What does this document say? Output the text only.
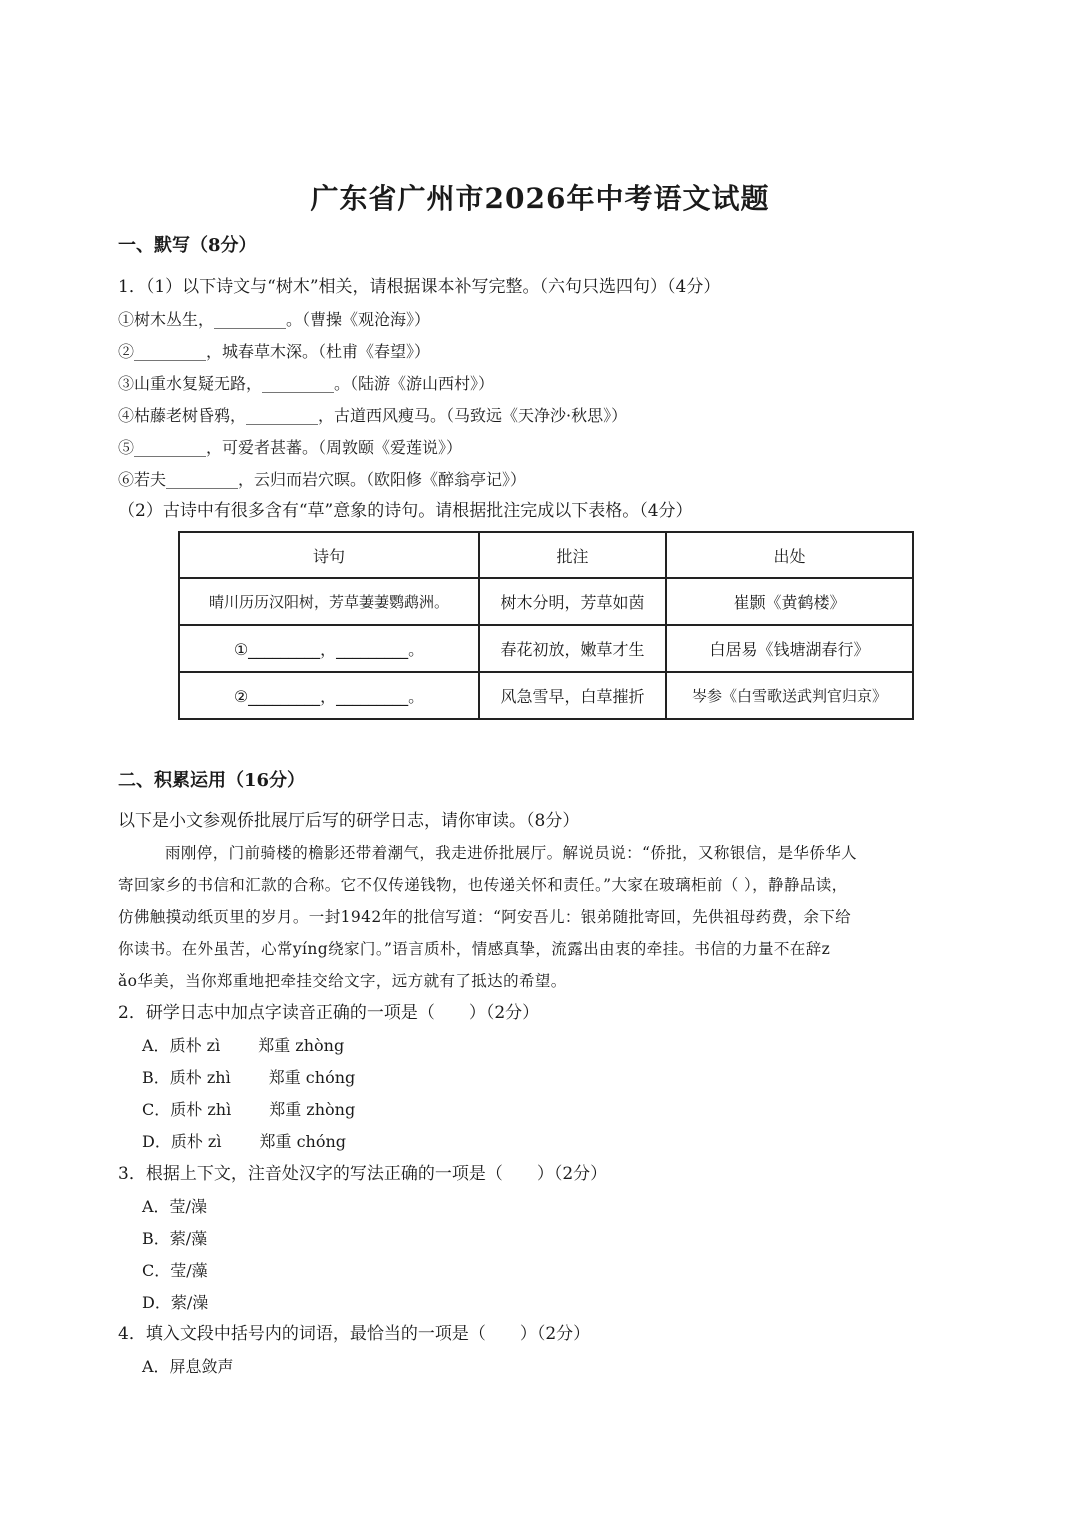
广东省广州市2026年中考语文试题
一、默写（8分）
1．（1）以下诗文与“树木”相关，请根据课本补写完整。（六句只选四句）（4分）
①树木丛生，_________。（曹操《观沧海》）
②_________，城春草木深。（杜甫《春望》）
③山重水复疑无路，_________。（陆游《游山西村》）
④枯藤老树昏鸦，_________，古道西风瘦马。（马致远《天净沙·秋思》）
⑤_________，可爱者甚蕃。（周敦颐《爱莲说》）
⑥若夫_________，云归而岩穴暝。（欧阳修《醉翁亭记》）
（2）古诗中有很多含有“草”意象的诗句。请根据批注完成以下表格。（4分）
诗句	批注	出处
晴川历历汉阳树，芳草萋萋鹦鹉洲。	树木分明，芳草如茵	崔颢《黄鹤楼》
①_________，_________。	春花初放，嫩草才生	白居易《钱塘湖春行》
②_________，_________。	风急雪早，白草摧折	岑参《白雪歌送武判官归京》
二、积累运用（16分）
以下是小文参观侨批展厅后写的研学日志，请你审读。（8分）
雨刚停，门前骑楼的檐影还带着潮气，我走进侨批展厅。解说员说：“侨批，又称银信，是华侨华人
寄回家乡的书信和汇款的合称。它不仅传递钱物，也传递关怀和责任。”大家在玻璃柜前（ ），静静品读，
仿佛触摸动纸页里的岁月。一封1942年的批信写道：“阿安吾儿：银弟随批寄回，先供祖母药费，余下给
你读书。在外虽苦，心常yíng绕家门。”语言质朴，情感真挚，流露出由衷的牵挂。书信的力量不在辞z
ǎo华美，当你郑重地把牵挂交给文字，远方就有了抵达的希望。
2．研学日志中加点字读音正确的一项是（　　）（2分）
A．质朴 zì 郑重 zhòng
B．质朴 zhì 郑重 chóng
C．质朴 zhì 郑重 zhòng
D．质朴 zì 郑重 chóng
3．根据上下文，注音处汉字的写法正确的一项是（　　）（2分）
A．莹/澡
B．萦/藻
C．莹/藻
D．萦/澡
4．填入文段中括号内的词语，最恰当的一项是（　　）（2分）
A．屏息敛声
